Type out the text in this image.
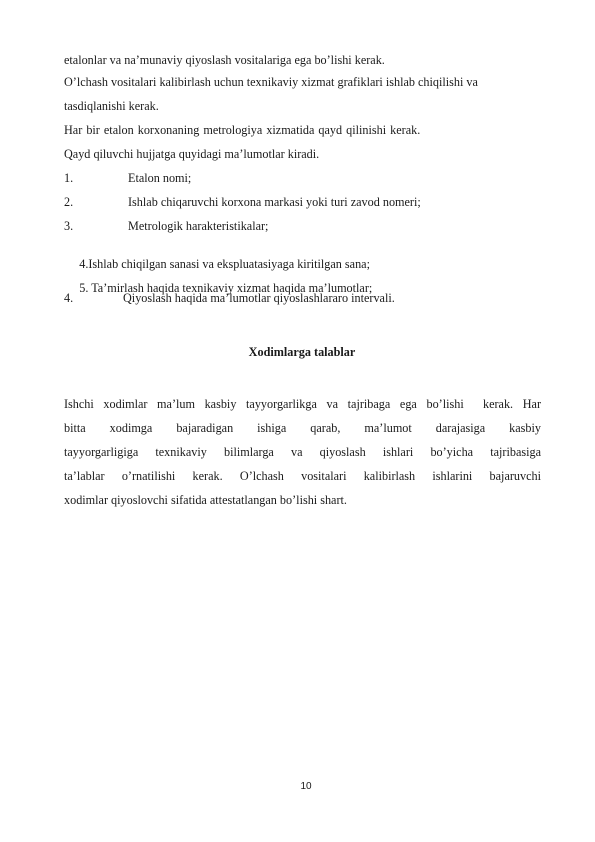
etalonlar va na’munaviy qiyoslash vositalariga ega bo’lishi kerak.
O’lchash vositalari kalibirlash uchun texnikaviy xizmat grafiklari ishlab chiqilishi va
tasdiqlanishi kerak.
Har bir etalon korxonaning metrologiya xizmatida qayd qilinishi kerak.
Qayd qiluvchi hujjatga quyidagi ma’lumotlar kiradi.
1.	Etalon nomi;
2.	Ishlab chiqaruvchi korxona markasi yoki turi zavod nomeri;
3.	Metrologik harakteristikalar;

4.Ishlab chiqilgan sanasi va ekspluatasiyaga kiritilgan sana;

5. Ta’mirlash haqida texnikaviy xizmat haqida ma’lumotlar;

4.	Qiyoslash haqida ma’lumotlar qiyoslashlararo intervali.
Xodimlarga talablar
Ishchi xodimlar ma’lum kasbiy tayyorgarlikga va tajribaga ega bo’lishi  kerak. Har
bitta xodimga bajaradigan ishiga qarab, ma’lumot darajasiga kasbiy
tayyorgarligiga texnikaviy bilimlarga va qiyoslash ishlari bo’yicha tajribasiga
ta’lablar o’rnatilishi kerak. O’lchash vositalari kalibirlash ishlarini bajaruvchi
xodimlar qiyoslovchi sifatida attestatlangan bo’lishi shart.
10
